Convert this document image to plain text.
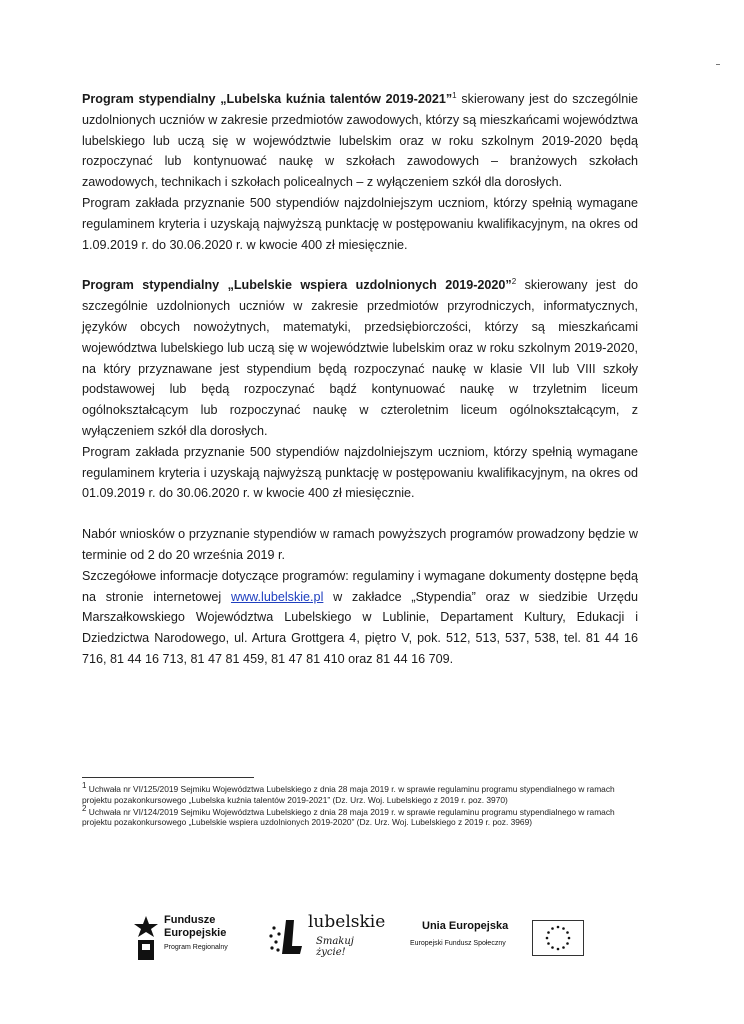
Program stypendialny „Lubelska kuźnia talentów 2019-2021”$^1$ skierowany jest do szczególnie uzdolnionych uczniów w zakresie przedmiotów zawodowych, którzy są mieszkańcami województwa lubelskiego lub uczą się w województwie lubelskim oraz w roku szkolnym 2019-2020 będą rozpoczynać lub kontynuować naukę w szkołach zawodowych – branżowych szkołach zawodowych, technikach i szkołach policealnych – z wyłączeniem szkół dla dorosłych.

Program zakłada przyznanie 500 stypendiów najzdolniejszym uczniom, którzy spełnią wymagane regulaminem kryteria i uzyskają najwyższą punktację w postępowaniu kwalifikacyjnym, na okres od 1.09.2019 r. do 30.06.2020 r. w kwocie 400 zł miesięcznie.

Program stypendialny „Lubelskie wspiera uzdolnionych 2019-2020”$^2$ skierowany jest do szczególnie uzdolnionych uczniów w zakresie przedmiotów przyrodniczych, informatycznych, języków obcych nowożytnych, matematyki, przedsiębiorczości, którzy są mieszkańcami województwa lubelskiego lub uczą się w województwie lubelskim oraz w roku szkolnym 2019-2020, na który przyznawane jest stypendium będą rozpoczynać naukę w klasie VII lub VIII szkoły podstawowej lub będą rozpoczynać bądź kontynuować naukę w trzyletnim liceum ogólnokształcącym lub rozpoczynać naukę w czteroletnim liceum ogólnokształcącym, z wyłączeniem szkół dla dorosłych.

Program zakłada przyznanie 500 stypendiów najzdolniejszym uczniom, którzy spełnią wymagane regulaminem kryteria i uzyskają najwyższą punktację w postępowaniu kwalifikacyjnym, na okres od 01.09.2019 r. do 30.06.2020 r. w kwocie 400 zł miesięcznie.

Nabór wniosków o przyznanie stypendiów w ramach powyższych programów prowadzony będzie w terminie od 2 do 20 września 2019 r.

Szczegółowe informacje dotyczące programów: regulaminy i wymagane dokumenty dostępne będą na stronie internetowej www.lubelskie.pl w zakładce „Stypendia” oraz w siedzibie Urzędu Marszałkowskiego Województwa Lubelskiego w Lublinie, Departament Kultury, Edukacji i Dziedzictwa Narodowego, ul. Artura Grottgera 4, piętro V, pok. 512, 513, 537, 538, tel. 81 44 16 716, 81 44 16 713, 81 47 81 459, 81 47 81 410 oraz 81 44 16 709.

$^1$ Uchwała nr VI/125/2019 Sejmiku Województwa Lubelskiego z dnia 28 maja 2019 r. w sprawie regulaminu programu stypendialnego w ramach projektu pozakonkursowego „Lubelska kuźnia talentów 2019-2021” (Dz. Urz. Woj. Lubelskiego z 2019 r. poz. 3970)

$^2$ Uchwała nr VI/124/2019 Sejmiku Województwa Lubelskiego z dnia 28 maja 2019 r. w sprawie regulaminu programu stypendialnego w ramach projektu pozakonkursowego „Lubelskie wspiera uzdolnionych 2019-2020” (Dz. Urz. Woj. Lubelskiego z 2019 r. poz. 3969)

Fundusze
Europejskie
Program Regionalny
lubelskie
Smakuj życie!
Unia Europejska
Europejski Fundusz Społeczny
